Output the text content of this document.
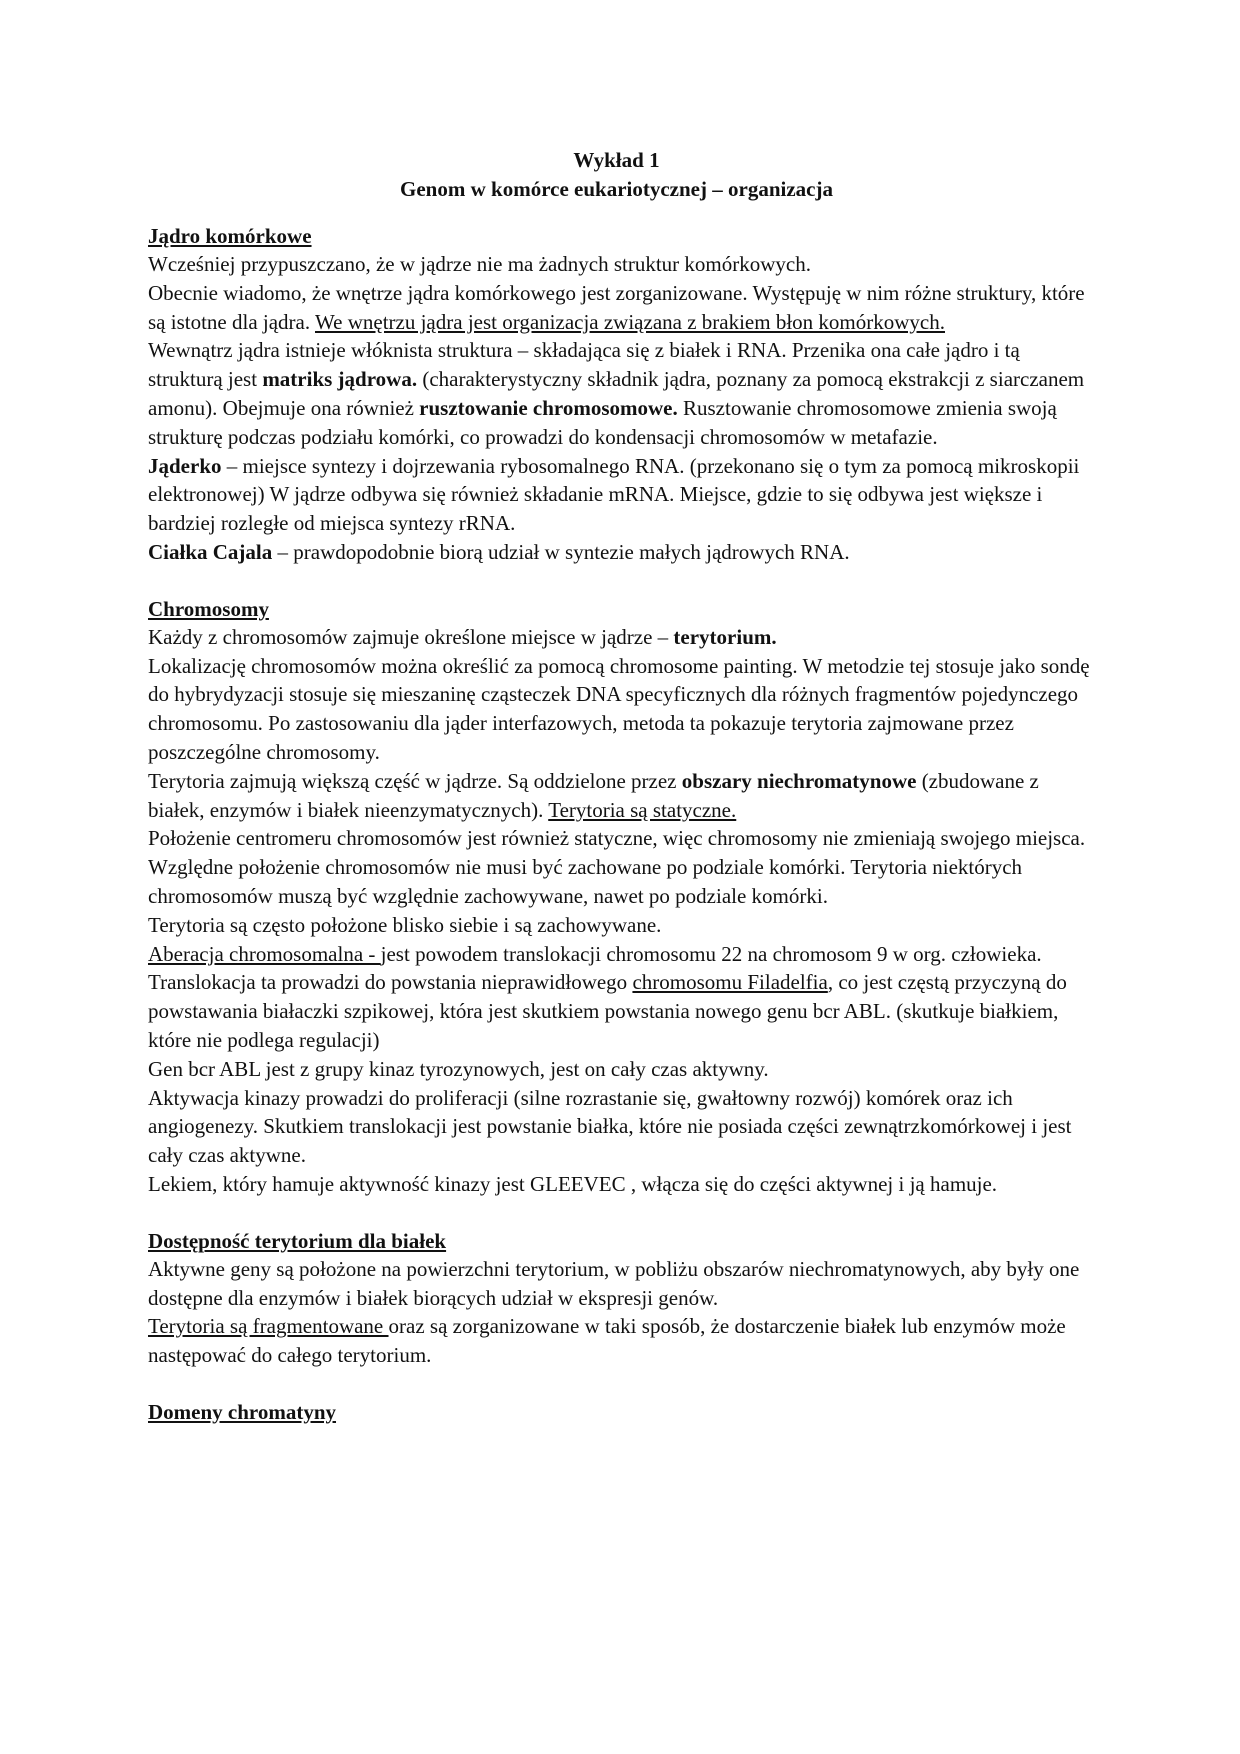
Wykład 1

Genom w komórce eukariotycznej – organizacja

Jądro komórkowe

Wcześniej przypuszczano, że w jądrze nie ma żadnych struktur komórkowych.

Obecnie wiadomo, że wnętrze jądra komórkowego jest zorganizowane. Występuję w nim różne struktury, które są istotne dla jądra. We wnętrzu jądra jest organizacja związana z brakiem błon komórkowych.

Wewnątrz jądra istnieje włóknista struktura – składająca się z białek i RNA. Przenika ona całe jądro i tą strukturą jest matriks jądrowa. (charakterystyczny składnik jądra, poznany za pomocą ekstrakcji z siarczanem amonu). Obejmuje ona również rusztowanie chromosomowe. Rusztowanie chromosomowe zmienia swoją strukturę podczas podziału komórki, co prowadzi do kondensacji chromosomów w metafazie.

Jąderko – miejsce syntezy i dojrzewania rybosomalnego RNA. (przekonano się o tym za pomocą mikroskopii elektronowej) W jądrze odbywa się również składanie mRNA. Miejsce, gdzie to się odbywa jest większe i bardziej rozległe od miejsca syntezy rRNA.

Ciałka Cajala – prawdopodobnie biorą udział w syntezie małych jądrowych RNA.

Chromosomy

Każdy z chromosomów zajmuje określone miejsce w jądrze – terytorium.

Lokalizację chromosomów można określić za pomocą chromosome painting. W metodzie tej stosuje jako sondę do hybrydyzacji stosuje się mieszaninę cząsteczek DNA specyficznych dla różnych fragmentów pojedynczego chromosomu. Po zastosowaniu dla jąder interfazowych, metoda ta pokazuje terytoria zajmowane przez poszczególne chromosomy.

Terytoria zajmują większą część w jądrze. Są oddzielone przez obszary niechromatynowe (zbudowane z białek, enzymów i białek nieenzymatycznych). Terytoria są statyczne.

Położenie centromeru chromosomów jest również statyczne, więc chromosomy nie zmieniają swojego miejsca. Względne położenie chromosomów nie musi być zachowane po podziale komórki. Terytoria niektórych chromosomów muszą być względnie zachowywane, nawet po podziale komórki.

Terytoria są często położone blisko siebie i są zachowywane.

Aberacja chromosomalna - jest powodem translokacji chromosomu 22 na chromosom 9 w org. człowieka. Translokacja ta prowadzi do powstania nieprawidłowego chromosomu Filadelfia, co jest częstą przyczyną do powstawania białaczki szpikowej, która jest skutkiem powstania nowego genu bcr ABL. (skutkuje białkiem, które nie podlega regulacji)

Gen bcr ABL jest z grupy kinaz tyrozynowych, jest on cały czas aktywny.

Aktywacja kinazy prowadzi do proliferacji (silne rozrastanie się, gwałtowny rozwój) komórek oraz ich angiogenezy. Skutkiem translokacji jest powstanie białka, które nie posiada części zewnątrzkomórkowej i jest cały czas aktywne.

Lekiem, który hamuje aktywność kinazy jest GLEEVEC , włącza się do części aktywnej i ją hamuje.

Dostępność terytorium dla białek

Aktywne geny są położone na powierzchni terytorium, w pobliżu obszarów niechromatynowych, aby były one dostępne dla enzymów i białek biorących udział w ekspresji genów.

Terytoria są fragmentowane oraz są zorganizowane w taki sposób, że dostarczenie białek lub enzymów może następować do całego terytorium.

Domeny chromatyny
